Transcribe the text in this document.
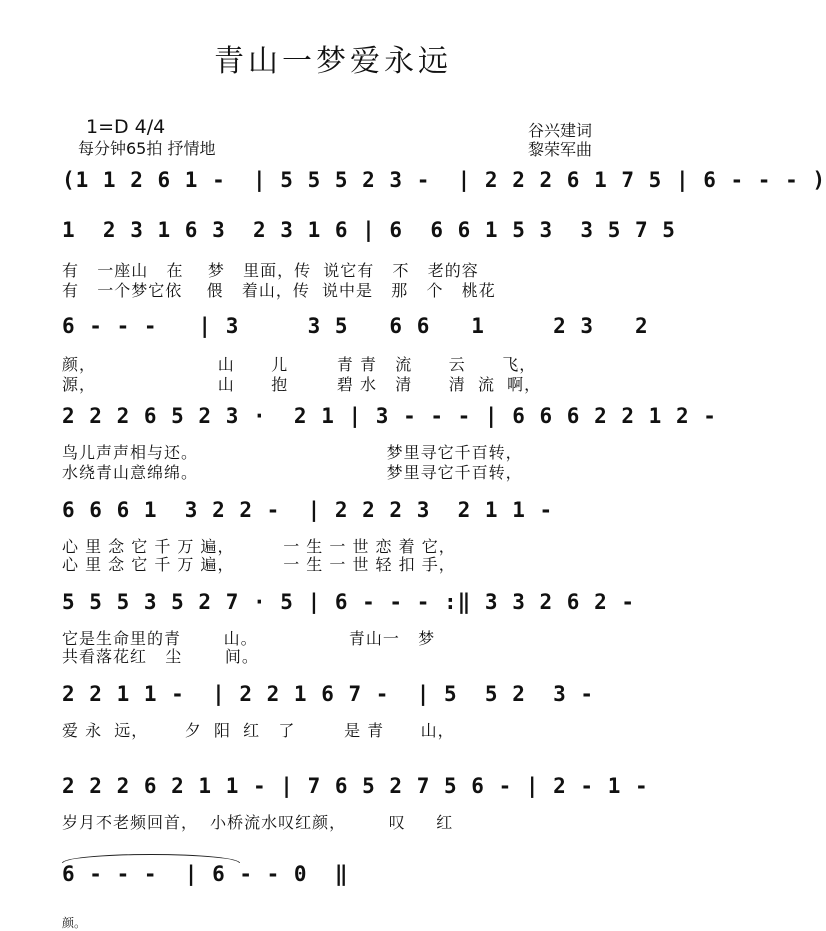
青山一梦爱永远
1=D 4/4
每分钟65拍 抒情地
谷兴建词
黎荣军曲
(1 1 2 6 1 -  | 5 5 5 2 3 -  | 2 2 2 6 1 7 5 | 6 - - - )
1  2 3 1 6 3  2 3 1 6 | 6  6 6 1 5 3  3 5 7 5
有   一座山   在    梦   里面，传  说它有   不   老的容
有   一个梦它依    偎   着山，传  说中是   那   个   桃花
6 - - -   | 3     3 5   6 6   1     2 3   2
颜，                    山      儿        青 青   流      云      飞，
源，                    山      抱        碧 水   清      清  流  啊，
2 2 2 6 5 2 3 ·  2 1 | 3 - - - | 6 6 6 2 2 1 2 -
鸟儿声声相与还。                               梦里寻它千百转，
水绕青山意绵绵。                               梦里寻它千百转，
6 6 6 1  3 2 2 -  | 2 2 2 3  2 1 1 -
心 里 念 它 千 万 遍，        一 生 一 世 恋 着 它，
心 里 念 它 千 万 遍，        一 生 一 世 轻 扣 手，
5 5 5 3 5 2 7 · 5 | 6 - - - :‖ 3 3 2 6 2 -
它是生命里的青       山。               青山一   梦
共看落花红   尘       间。
2 2 1 1 -  | 2 2 1 6 7 -  | 5  5 2  3 -
爱 永  远，      夕  阳  红   了        是 青      山，
2 2 2 6 2 1 1 - | 7 6 5 2 7 5 6 - | 2 - 1 -
岁月不老频回首，  小桥流水叹红颜，       叹     红
6 - - -  | 6 - - 0  ‖
颜。
